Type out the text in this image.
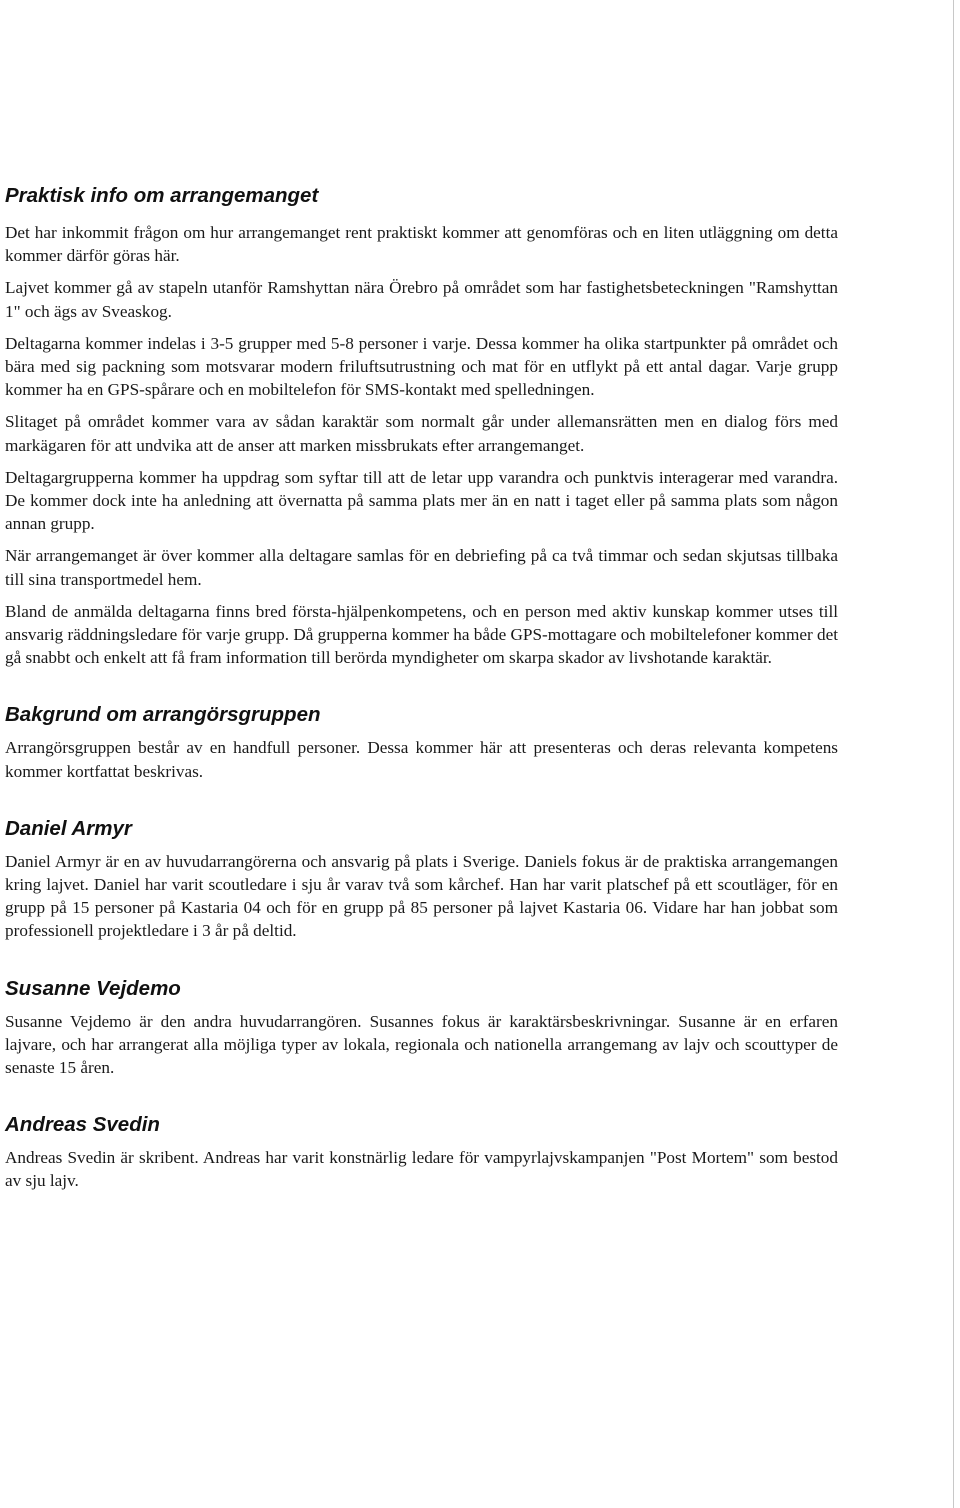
Praktisk info om arrangemanget

Det har inkommit frågon om hur arrangemanget rent praktiskt kommer att genomföras och en liten utläggning om detta kommer därför göras här.

Lajvet kommer gå av stapeln utanför Ramshyttan nära Örebro på området som har fastighetsbeteckningen "Ramshyttan 1" och ägs av Sveaskog.

Deltagarna kommer indelas i 3-5 grupper med 5-8 personer i varje. Dessa kommer ha olika startpunkter på området och bära med sig packning som motsvarar modern friluftsutrustning och mat för en utflykt på ett antal dagar. Varje grupp kommer ha en GPS-spårare och en mobiltelefon för SMS-kontakt med spelledningen.

Slitaget på området kommer vara av sådan karaktär som normalt går under allemansrätten men en dialog förs med markägaren för att undvika att de anser att marken missbrukats efter arrangemanget.

Deltagargrupperna kommer ha uppdrag som syftar till att de letar upp varandra och punktvis interagerar med varandra. De kommer dock inte ha anledning att övernatta på samma plats mer än en natt i taget eller på samma plats som någon annan grupp.

När arrangemanget är över kommer alla deltagare samlas för en debriefing på ca två timmar och sedan skjutsas tillbaka till sina transportmedel hem.

Bland de anmälda deltagarna finns bred första-hjälpenkompetens, och en person med aktiv kunskap kommer utses till ansvarig räddningsledare för varje grupp. Då grupperna kommer ha både GPS-mottagare och mobiltelefoner kommer det gå snabbt och enkelt att få fram information till berörda myndigheter om skarpa skador av livshotande karaktär.

Bakgrund om arrangörsgruppen

Arrangörsgruppen består av en handfull personer. Dessa kommer här att presenteras och deras relevanta kompetens kommer kortfattat beskrivas.

Daniel Armyr

Daniel Armyr är en av huvudarrangörerna och ansvarig på plats i Sverige. Daniels fokus är de praktiska arrangemangen kring lajvet. Daniel har varit scoutledare i sju år varav två som kårchef. Han har varit platschef på ett scoutläger, för en grupp på 15 personer på Kastaria 04 och för en grupp på 85 personer på lajvet Kastaria 06. Vidare har han jobbat som professionell projektledare i 3 år på deltid.

Susanne Vejdemo

Susanne Vejdemo är den andra huvudarrangören. Susannes fokus är karaktärsbeskrivningar. Susanne är en erfaren lajvare, och har arrangerat alla möjliga typer av lokala, regionala och nationella arrangemang av lajv och scouttyper de senaste 15 åren.

Andreas Svedin

Andreas Svedin är skribent. Andreas har varit konstnärlig ledare för vampyrlajvskampanjen "Post Mortem" som bestod av sju lajv.
